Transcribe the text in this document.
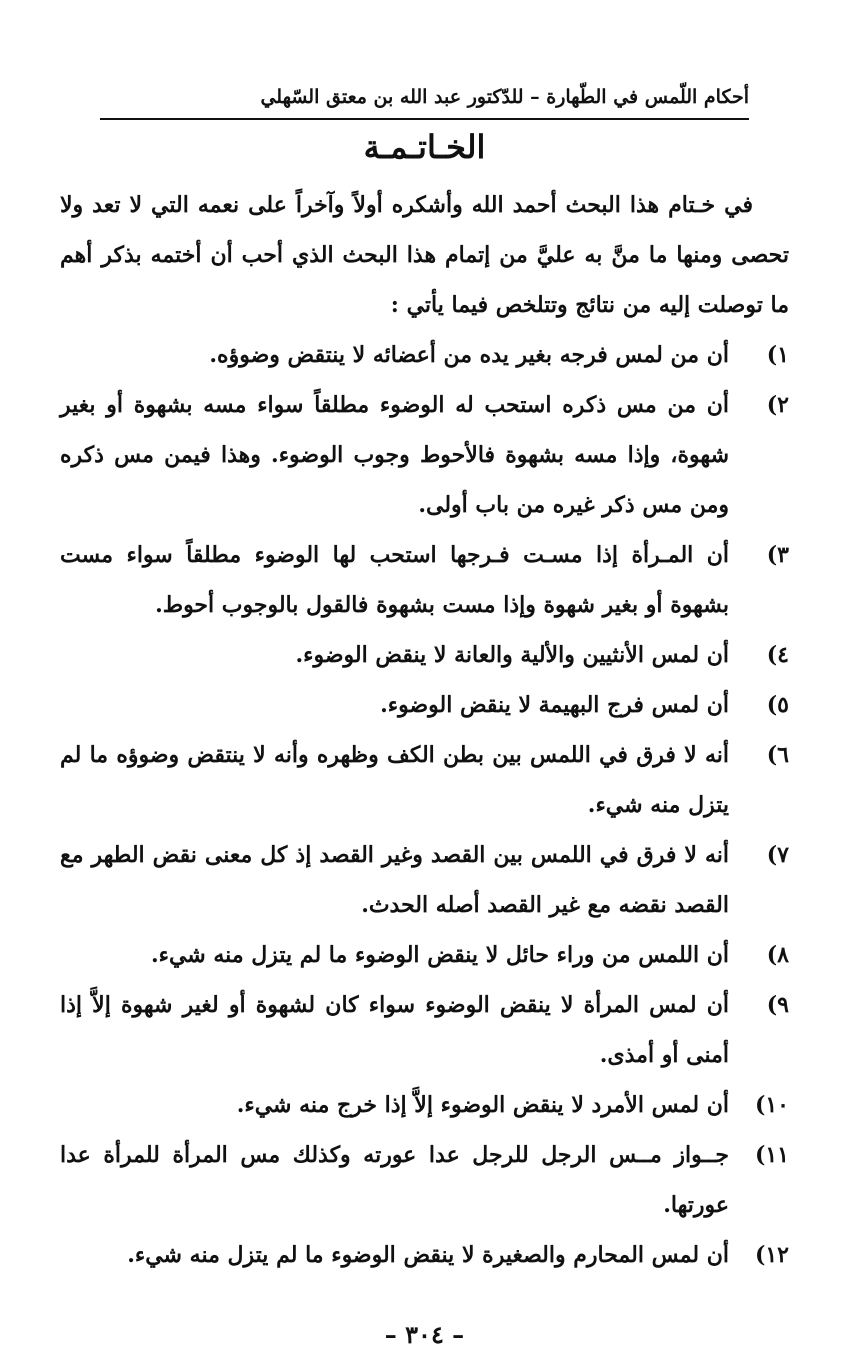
أحكام اللّمس في الطّهارة – للدّكتور عبد الله بن معتق السّهلي
الخـاتـمـة

في خـتام هذا البحث أحمد الله وأشكره أولاً وآخراً على نعمه التي لا تعد ولا تحصى ومنها ما منَّ به عليَّ من إتمام هذا البحث الذي أحب أن أختمه بذكر أهم ما توصلت إليه من نتائج وتتلخص فيما يأتي :

١)
أن من لمس فرجه بغير يده من أعضائه لا ينتقض وضوؤه.
٢)
أن من مس ذكره استحب له الوضوء مطلقاً سواء مسه بشهوة أو بغير شهوة، وإذا مسه بشهوة فالأحوط وجوب الوضوء. وهذا فيمن مس ذكره ومن مس ذكر غيره من باب أولى.
٣)
أن المـرأة إذا مسـت فـرجها استحب لها الوضوء مطلقاً سواء مست بشهوة أو بغير شهوة وإذا مست بشهوة فالقول بالوجوب أحوط.
٤)
أن لمس الأنثيين والألية والعانة لا ينقض الوضوء.
٥)
أن لمس فرج البهيمة لا ينقض الوضوء.
٦)
أنه لا فرق في اللمس بين بطن الكف وظهره وأنه لا ينتقض وضوؤه ما لم يتزل منه شيء.
٧)
أنه لا فرق في اللمس بين القصد وغير القصد إذ كل معنى نقض الطهر مع القصد نقضه مع غير القصد أصله الحدث.
٨)
أن اللمس من وراء حائل لا ينقض الوضوء ما لم يتزل منه شيء.
٩)
أن لمس المرأة لا ينقض الوضوء سواء كان لشهوة أو لغير شهوة إلاَّ إذا أمنى أو أمذى.
١٠)
أن لمس الأمرد لا ينقض الوضوء إلاَّ إذا خرج منه شيء.
١١)
جــواز مــس الرجل للرجل عدا عورته وكذلك مس المرأة للمرأة عدا عورتها.
١٢)
أن لمس المحارم والصغيرة لا ينقض الوضوء ما لم يتزل منه شيء.
– ٣٠٤ –
